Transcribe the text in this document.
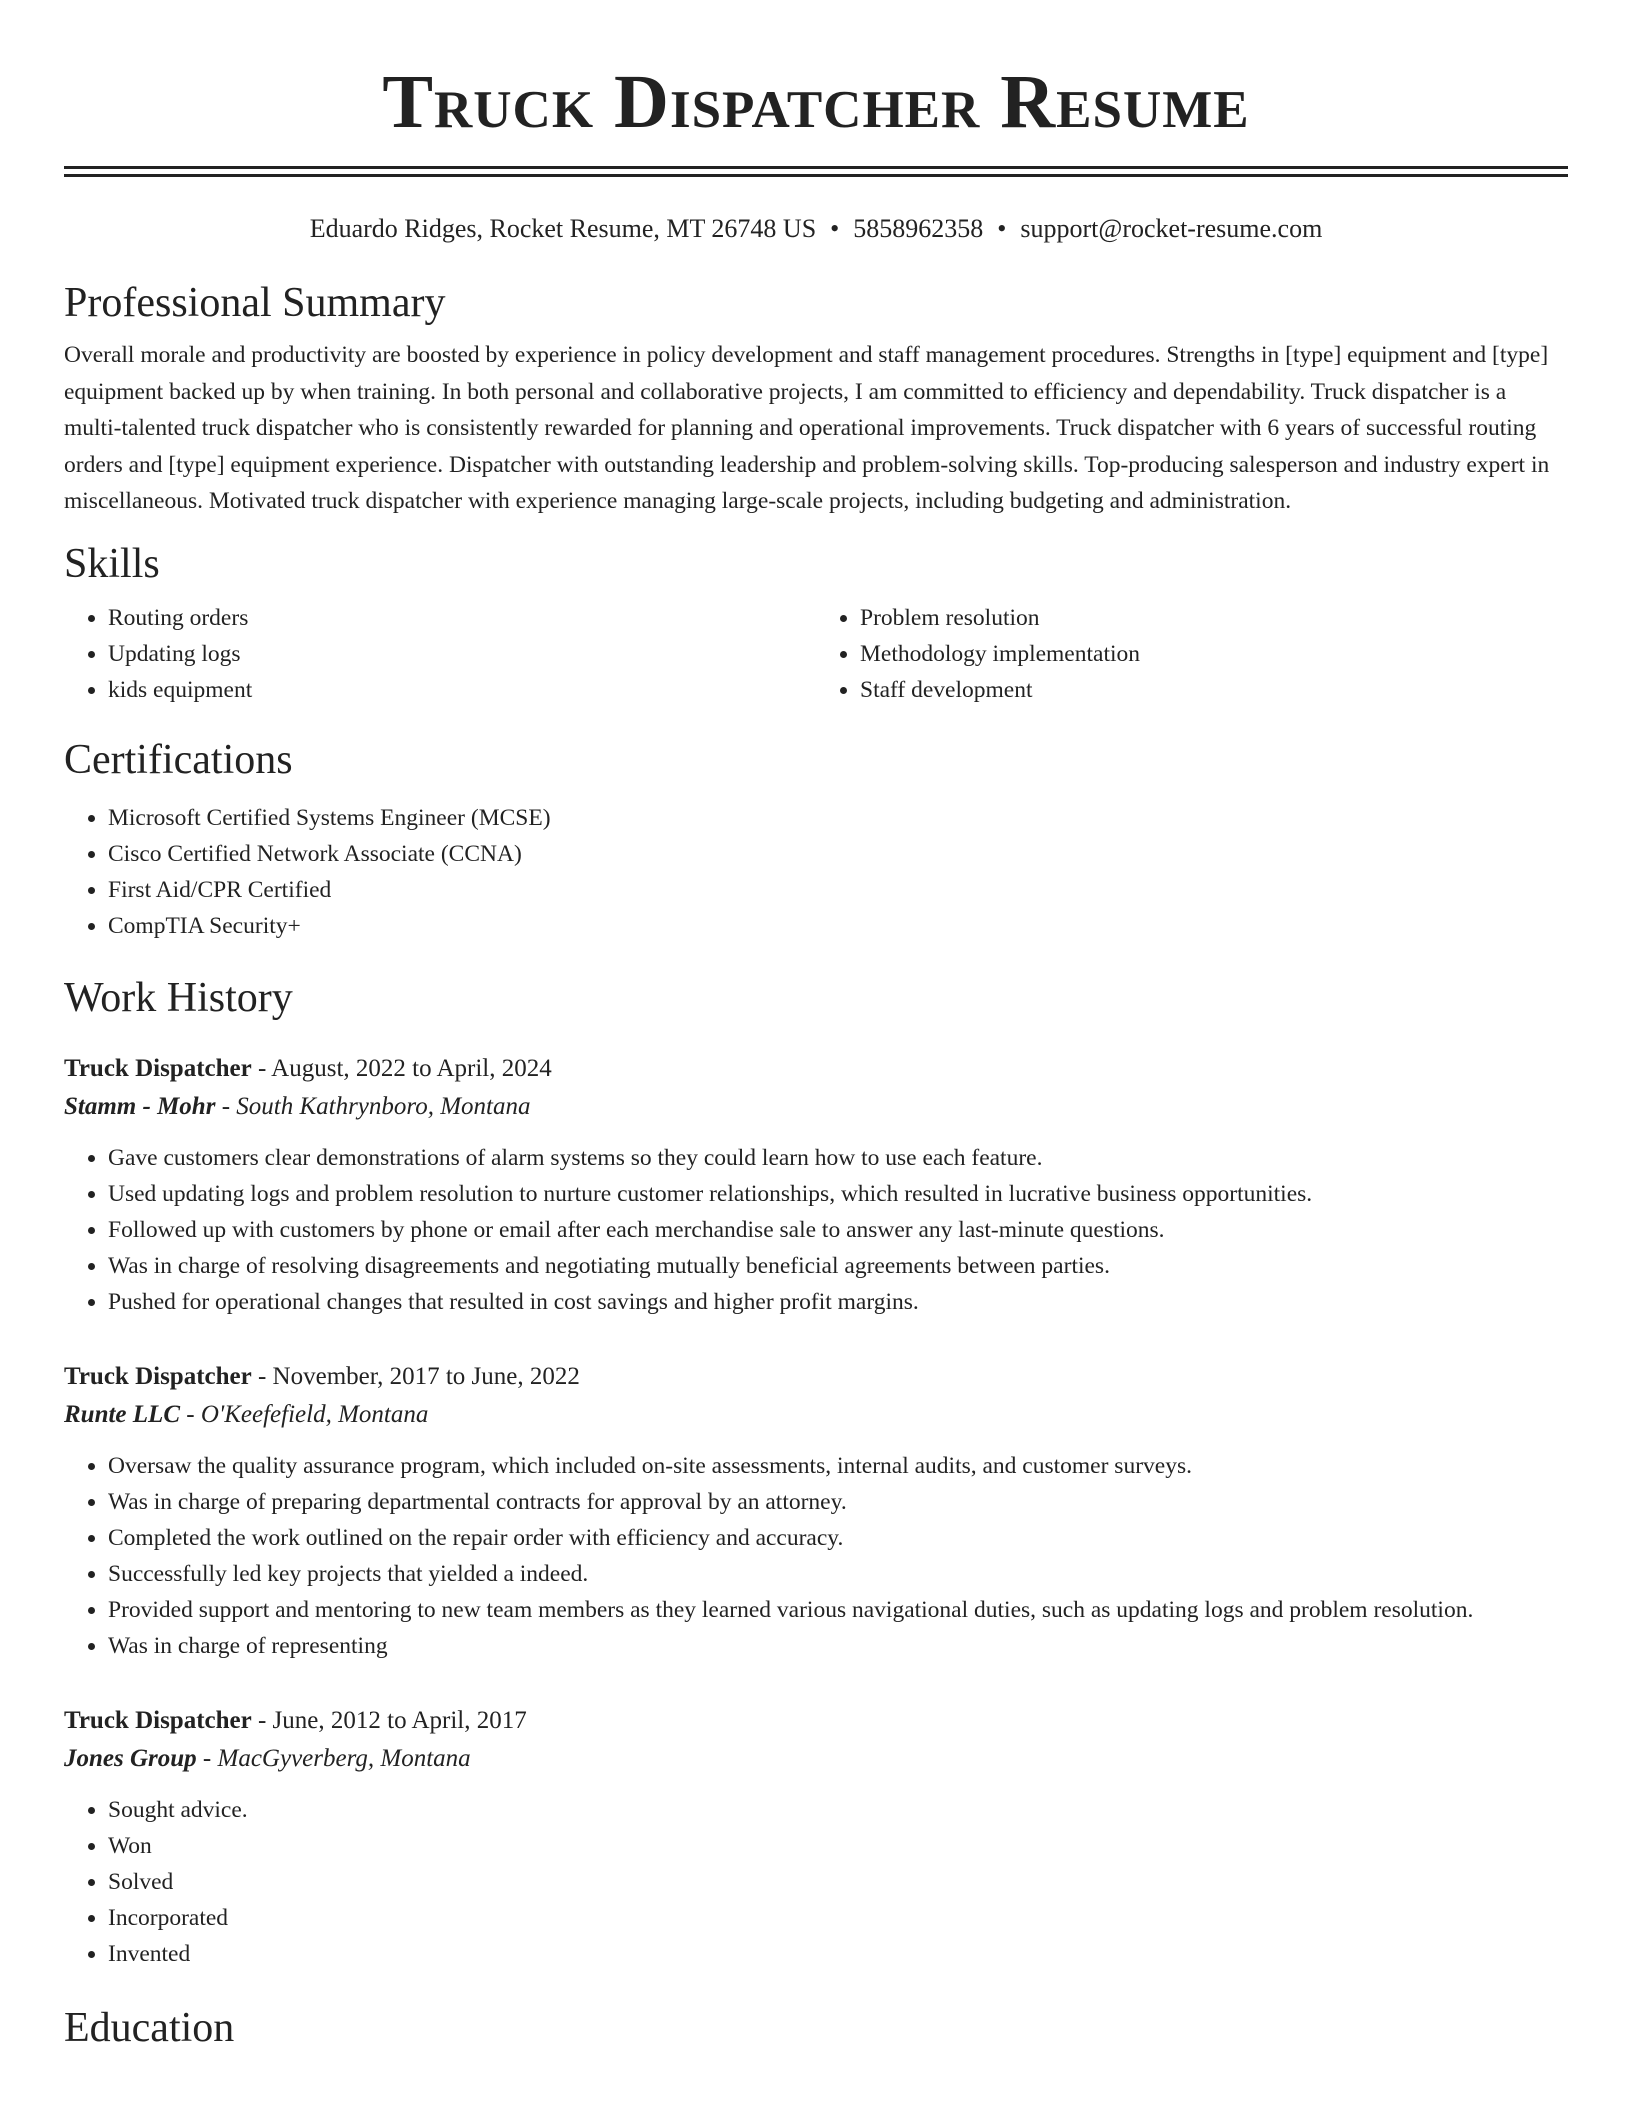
Truck Dispatcher Resume
Eduardo Ridges, Rocket Resume, MT 26748 US • 5858962358 • support@rocket-resume.com
Professional Summary

Overall morale and productivity are boosted by experience in policy development and staff management procedures. Strengths in [type] equipment and [type] equipment backed up by when training. In both personal and collaborative projects, I am committed to efficiency and dependability. Truck dispatcher is a multi-talented truck dispatcher who is consistently rewarded for planning and operational improvements. Truck dispatcher with 6 years of successful routing orders and [type] equipment experience. Dispatcher with outstanding leadership and problem-solving skills. Top-producing salesperson and industry expert in miscellaneous. Motivated truck dispatcher with experience managing large-scale projects, including budgeting and administration.

Skills
• Routing orders
• Updating logs
• kids equipment
• Problem resolution
• Methodology implementation
• Staff development
Certifications
• Microsoft Certified Systems Engineer (MCSE)
• Cisco Certified Network Associate (CCNA)
• First Aid/CPR Certified
• CompTIA Security+
Work History
Truck Dispatcher - August, 2022 to April, 2024
Stamm - Mohr - South Kathrynboro, Montana
• Gave customers clear demonstrations of alarm systems so they could learn how to use each feature.
• Used updating logs and problem resolution to nurture customer relationships, which resulted in lucrative business opportunities.
• Followed up with customers by phone or email after each merchandise sale to answer any last-minute questions.
• Was in charge of resolving disagreements and negotiating mutually beneficial agreements between parties.
• Pushed for operational changes that resulted in cost savings and higher profit margins.
Truck Dispatcher - November, 2017 to June, 2022
Runte LLC - O'Keefefield, Montana
• Oversaw the quality assurance program, which included on-site assessments, internal audits, and customer surveys.
• Was in charge of preparing departmental contracts for approval by an attorney.
• Completed the work outlined on the repair order with efficiency and accuracy.
• Successfully led key projects that yielded a indeed.
• Provided support and mentoring to new team members as they learned various navigational duties, such as updating logs and problem resolution.
• Was in charge of representing
Truck Dispatcher - June, 2012 to April, 2017
Jones Group - MacGyverberg, Montana
• Sought advice.
• Won
• Solved
• Incorporated
• Invented
Education
